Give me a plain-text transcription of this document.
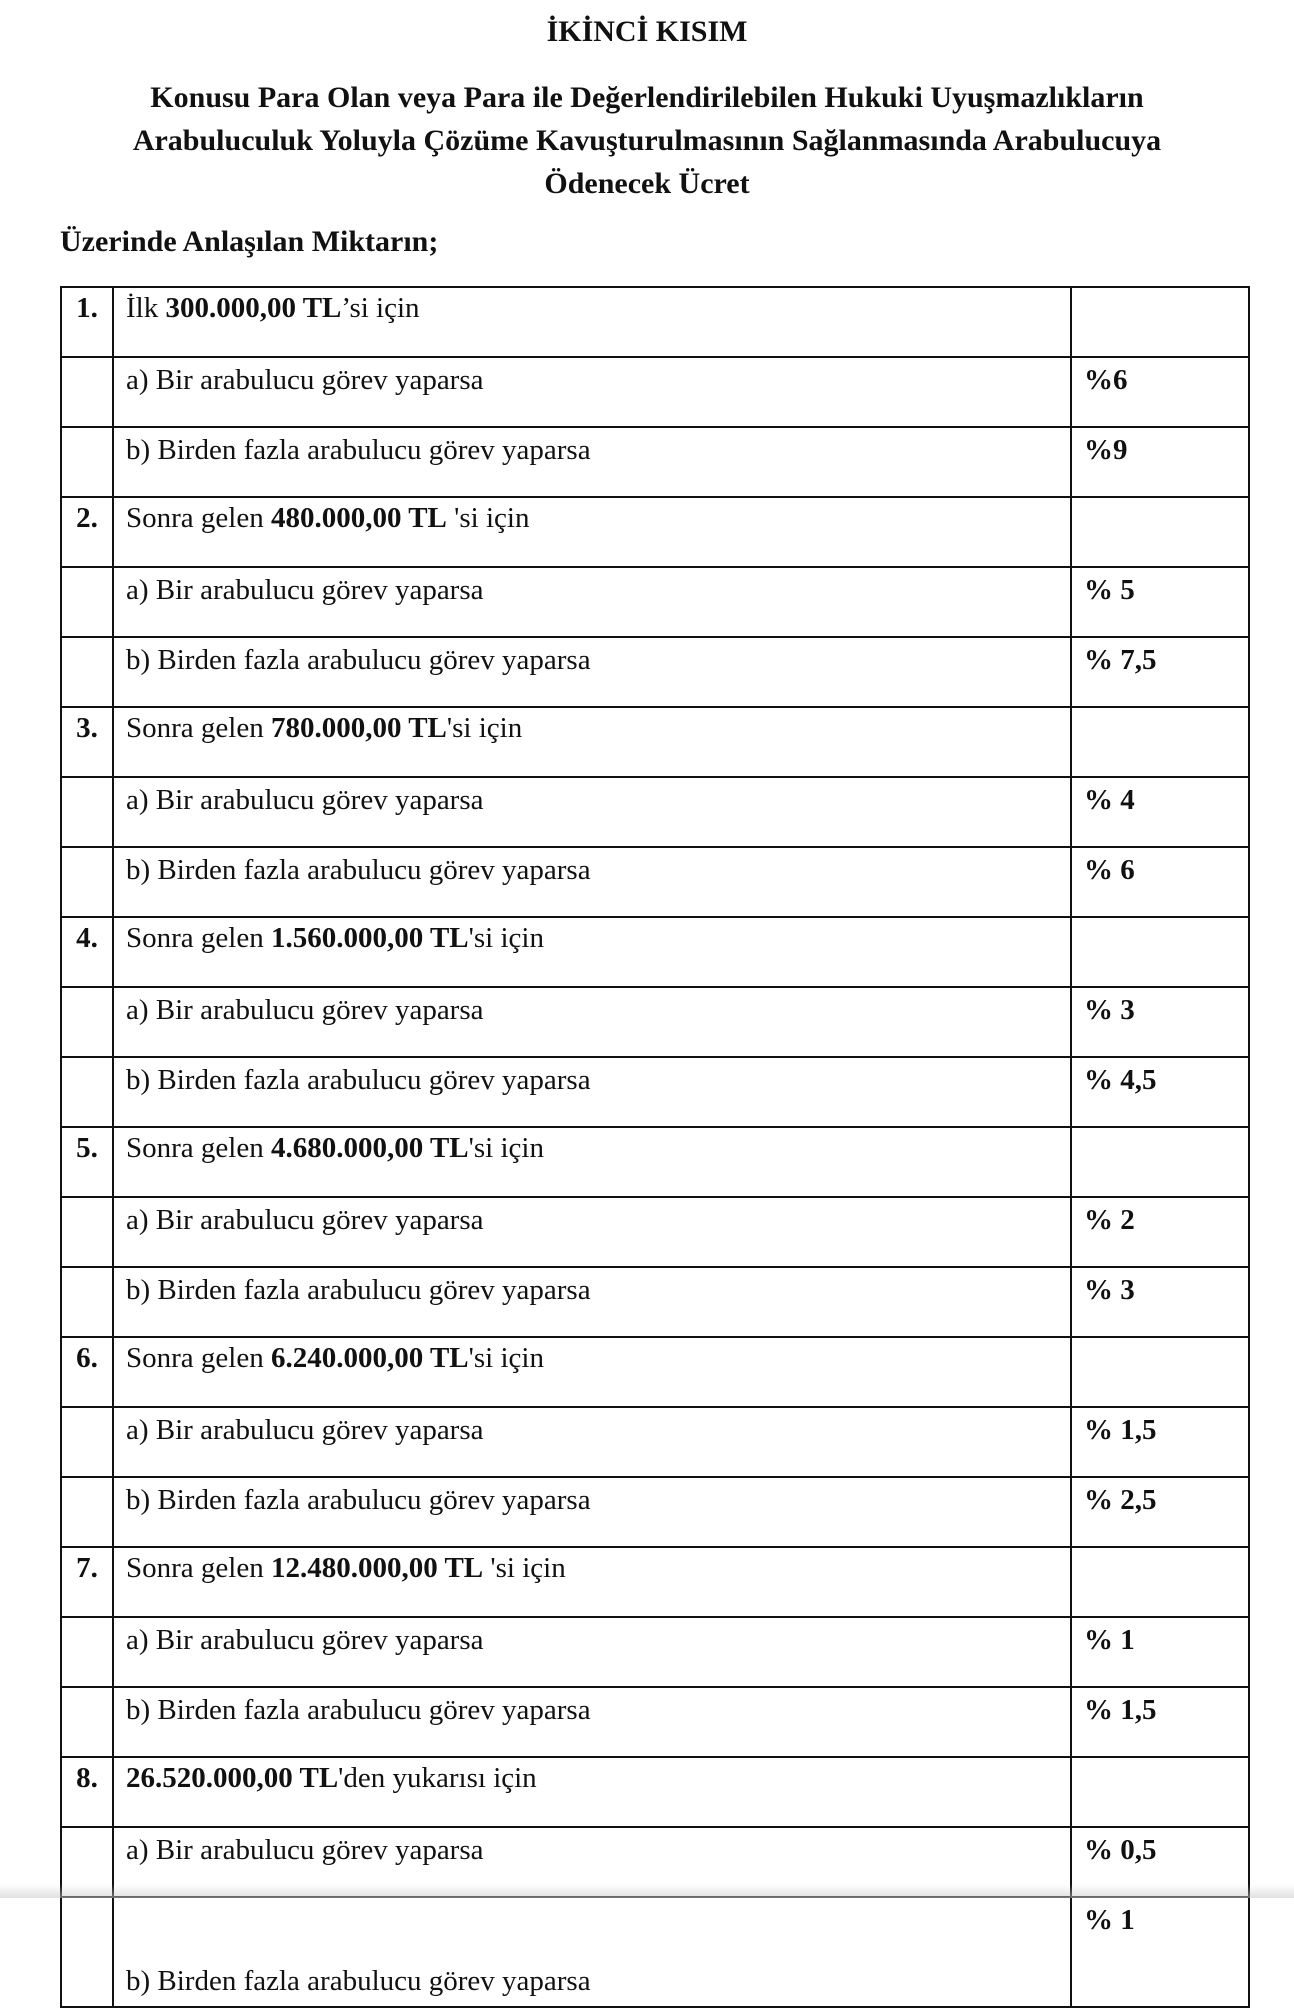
İKİNCİ KISIM
Konusu Para Olan veya Para ile Değerlendirilebilen Hukuki Uyuşmazlıkların
Arabuluculuk Yoluyla Çözüme Kavuşturulmasının Sağlanmasında Arabulucuya
Ödenecek Ücret
Üzerinde Anlaşılan Miktarın;
1.	İlk 300.000,00 TL’si için	
	a) Bir arabulucu görev yaparsa	%6
	b) Birden fazla arabulucu görev yaparsa	%9
2.	Sonra gelen 480.000,00 TL 'si için	
	a) Bir arabulucu görev yaparsa	% 5
	b) Birden fazla arabulucu görev yaparsa	% 7,5
3.	Sonra gelen 780.000,00 TL'si için	
	a) Bir arabulucu görev yaparsa	% 4
	b) Birden fazla arabulucu görev yaparsa	% 6
4.	Sonra gelen 1.560.000,00 TL'si için	
	a) Bir arabulucu görev yaparsa	% 3
	b) Birden fazla arabulucu görev yaparsa	% 4,5
5.	Sonra gelen 4.680.000,00 TL'si için	
	a) Bir arabulucu görev yaparsa	% 2
	b) Birden fazla arabulucu görev yaparsa	% 3
6.	Sonra gelen 6.240.000,00 TL'si için	
	a) Bir arabulucu görev yaparsa	% 1,5
	b) Birden fazla arabulucu görev yaparsa	% 2,5
7.	Sonra gelen 12.480.000,00 TL 'si için	
	a) Bir arabulucu görev yaparsa	% 1
	b) Birden fazla arabulucu görev yaparsa	% 1,5
8.	26.520.000,00 TL'den yukarısı için	
	a) Bir arabulucu görev yaparsa	% 0,5
	b) Birden fazla arabulucu görev yaparsa	% 1
